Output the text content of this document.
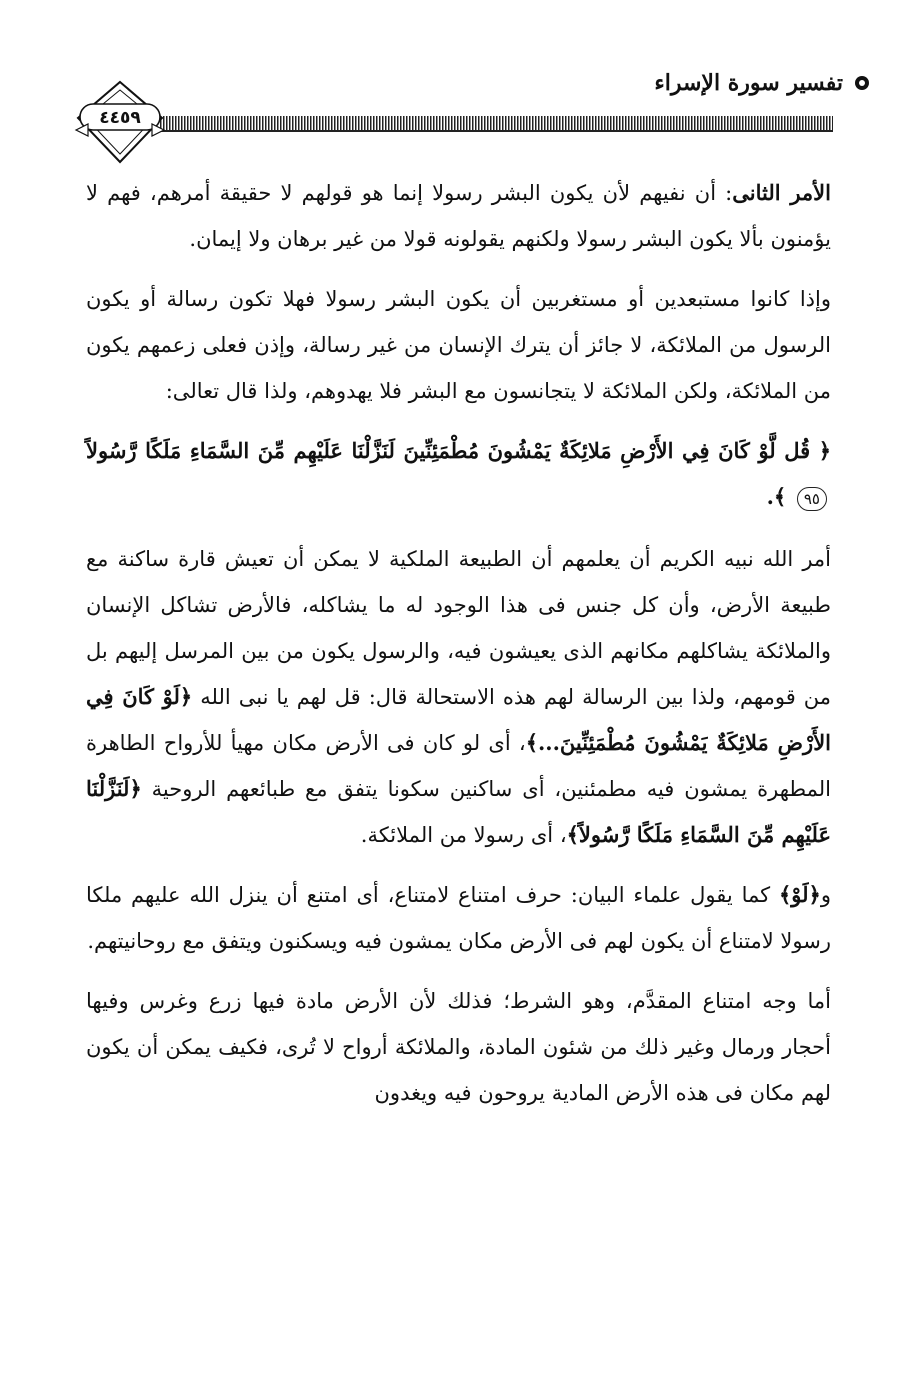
تفسير سورة الإسراء
٤٤٥٩

الأمر الثانى: أن نفيهم لأن يكون البشر رسولا إنما هو قولهم لا حقيقة أمرهم، فهم لا يؤمنون بألا يكون البشر رسولا ولكنهم يقولونه قولا من غير برهان ولا إيمان.

وإذا كانوا مستبعدين أو مستغربين أن يكون البشر رسولا فهلا تكون رسالة أو يكون الرسول من الملائكة، لا جائز أن يترك الإنسان من غير رسالة، وإذن فعلى زعمهم يكون من الملائكة، ولكن الملائكة لا يتجانسون مع البشر فلا يهدوهم، ولذا قال تعالى:

﴿ قُل لَّوْ كَانَ فِي الأَرْضِ مَلائِكَةٌ يَمْشُونَ مُطْمَئِنِّينَ لَنَزَّلْنَا عَلَيْهِم مِّنَ السَّمَاءِ مَلَكًا رَّسُولاً ٩٥ ﴾.

أمر الله نبيه الكريم أن يعلمهم أن الطبيعة الملكية لا يمكن أن تعيش قارة ساكنة مع طبيعة الأرض، وأن كل جنس فى هذا الوجود له ما يشاكله، فالأرض تشاكل الإنسان والملائكة يشاكلهم مكانهم الذى يعيشون فيه، والرسول يكون من بين المرسل إليهم بل من قومهم، ولذا بين الرسالة لهم هذه الاستحالة قال: قل لهم يا نبى الله ﴿لَوْ كَانَ فِي الأَرْضِ مَلائِكَةٌ يَمْشُونَ مُطْمَئِنِّينَ...﴾، أى لو كان فى الأرض مكان مهيأ للأرواح الطاهرة المطهرة يمشون فيه مطمئنين، أى ساكنين سكونا يتفق مع طبائعهم الروحية ﴿لَنَزَّلْنَا عَلَيْهِم مِّنَ السَّمَاءِ مَلَكًا رَّسُولاً﴾، أى رسولا من الملائكة.

و﴿لَوْ﴾ كما يقول علماء البيان: حرف امتناع لامتناع، أى امتنع أن ينزل الله عليهم ملكا رسولا لامتناع أن يكون لهم فى الأرض مكان يمشون فيه ويسكنون ويتفق مع روحانيتهم.

أما وجه امتناع المقدَّم، وهو الشرط؛ فذلك لأن الأرض مادة فيها زرع وغرس وفيها أحجار ورمال وغير ذلك من شئون المادة، والملائكة أرواح لا تُرى، فكيف يمكن أن يكون لهم مكان فى هذه الأرض المادية يروحون فيه ويغدون
